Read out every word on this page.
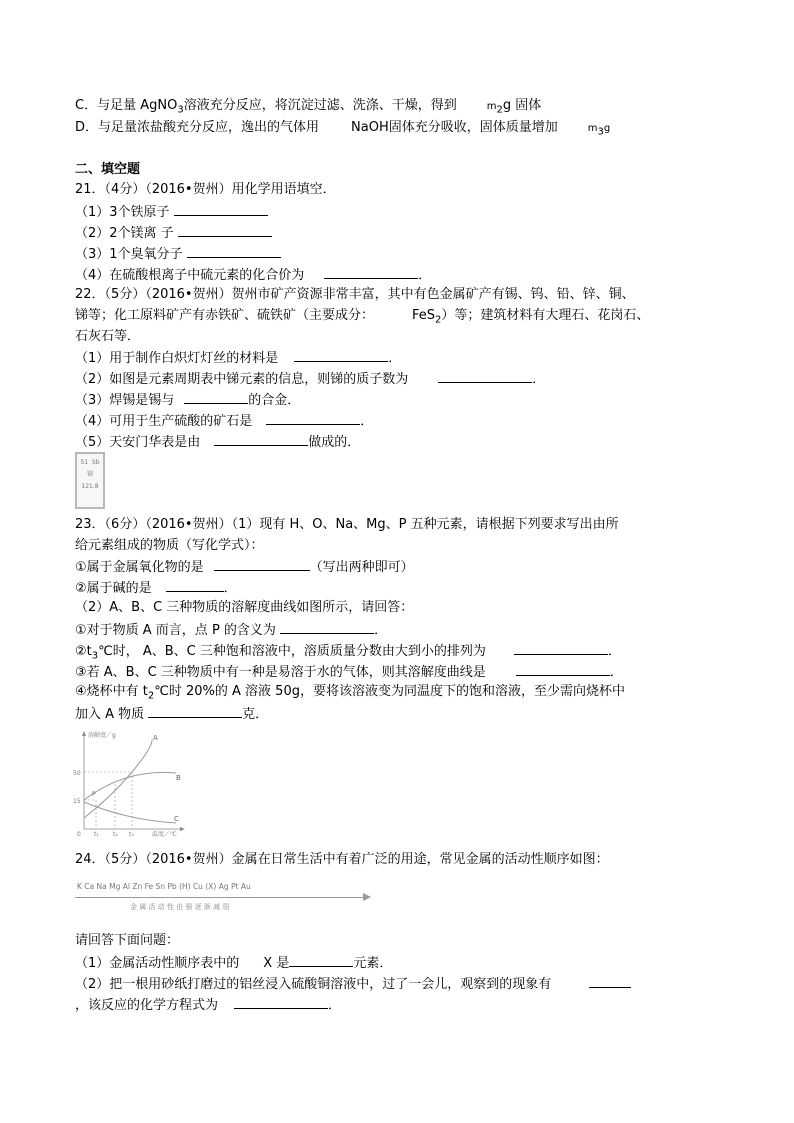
C．与足量 AgNO$_3$溶液充分反应，将沉淀过滤、洗涤、干燥，得到	$m_2g$ 固体
D．与足量浓盐酸充分反应，逸出的气体用 NaOH固体充分吸收，固体质量增加	$m_3g$
二、填空题
21．（4分）（2016•贺州）用化学用语填空．
（1）3个铁原子
（2）2个镁离 子
（3）1个臭氧分子
（4）在硫酸根离子中硫元素的化合价为	．
22．（5分）（2016•贺州）贺州市矿产资源非常丰富，其中有色金属矿产有锡、钨、铅、锌、铜、
锑等；化工原料矿产有赤铁矿、硫铁矿（主要成分：	FeS$_2$）等；建筑材料有大理石、花岗石、
石灰石等．
（1）用于制作白炽灯灯丝的材料是	．
（2）如图是元素周期表中锑元素的信息，则锑的质子数为	．
（3）焊锡是锡与	的合金．
（4）可用于生产硫酸的矿石是	．
（5）天安门华表是由	做成的．
51 Sb
锑
121.8
23．（6分）（2016•贺州）（1）现有 H、O、Na、Mg、P 五种元素，请根据下列要求写出由所
给元素组成的物质（写化学式）：
①属于金属氧化物的是	（写出两种即可）
②属于碱的是	．
（2）A、B、C 三种物质的溶解度曲线如图所示，请回答：
①对于物质 A 而言，点 P 的含义为	．
$②t_3℃$时， A、B、C 三种饱和溶液中，溶质质量分数由大到小的排列为	．
③若 A、B、C 三种物质中有一种是易溶于水的气体，则其溶解度曲线是	．
④烧杯中有 $t_2℃$时 20%的 A 溶液 50g，要将该溶液变为同温度下的饱和溶液，至少需向烧杯中
加入 A 物质	克．
溶解度／g
温度／℃
50
15
0 t₁ t₂ t₃
A
B
C
P
24．（5分）（2016•贺州）金属在日常生活中有着广泛的用途，常见金属的活动性顺序如图：
K Ca Na Mg Al Zn Fe Sn Pb (H) Cu (X) Ag Pt Au
金 属 活 动 性 由 强 逐 渐 减 弱
请回答下面问题：
（1）金属活动性顺序表中的 X 是	元素．
（2）把一根用砂纸打磨过的铝丝浸入硫酸铜溶液中，过了一会儿，观察到的现象有
，该反应的化学方程式为	．
